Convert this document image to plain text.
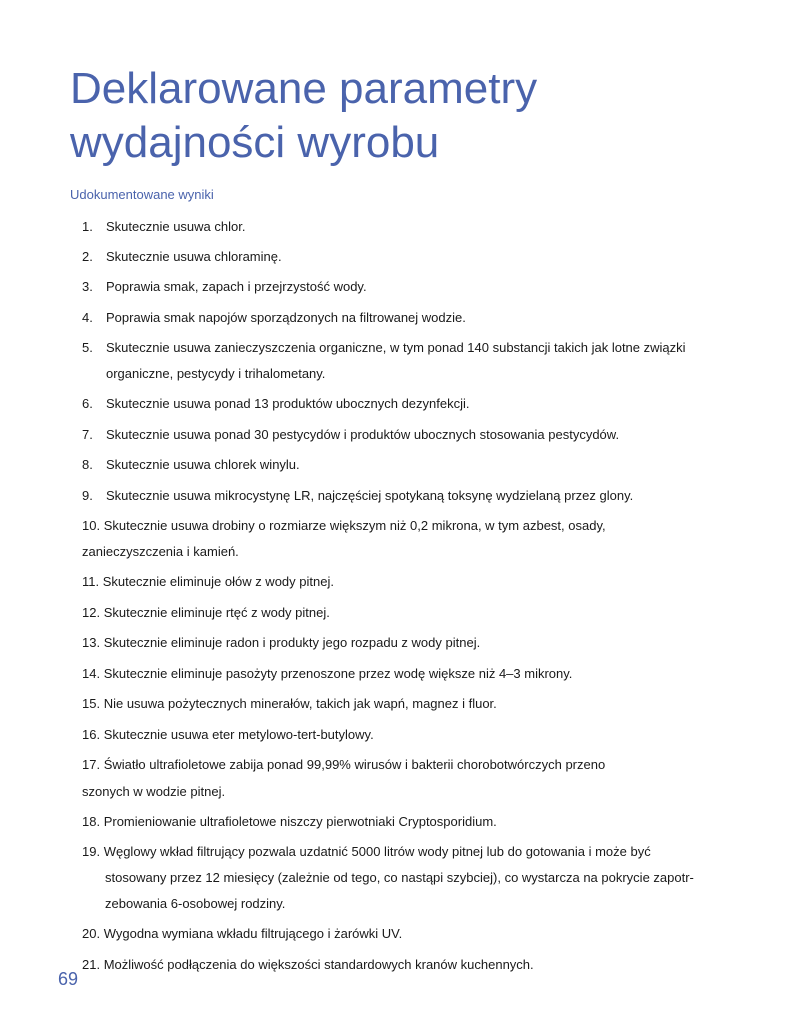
Deklarowane parametry
wydajności wyrobu
Udokumentowane wyniki
1. Skutecznie usuwa chlor.
2. Skutecznie usuwa chloraminę.
3. Poprawia smak, zapach i przejrzystość wody.
4. Poprawia smak napojów sporządzonych na filtrowanej wodzie.
5. Skutecznie usuwa zanieczyszczenia organiczne, w tym ponad 140 substancji takich jak lotne związki
organiczne, pestycydy i trihalometany.
6. Skutecznie usuwa ponad 13 produktów ubocznych dezynfekcji.
7. Skutecznie usuwa ponad 30 pestycydów i produktów ubocznych stosowania pestycydów.
8. Skutecznie usuwa chlorek winylu.
9. Skutecznie usuwa mikrocystynę LR, najczęściej spotykaną toksynę wydzielaną przez glony.
10. Skutecznie usuwa drobiny o rozmiarze większym niż 0,2 mikrona, w tym azbest, osady,
zanieczyszczenia i kamień.
11. Skutecznie eliminuje ołów z wody pitnej.
12. Skutecznie eliminuje rtęć z wody pitnej.
13. Skutecznie eliminuje radon i produkty jego rozpadu z wody pitnej.
14. Skutecznie eliminuje pasożyty przenoszone przez wodę większe niż 4–3 mikrony.
15. Nie usuwa pożytecznych minerałów, takich jak wapń, magnez i fluor.
16. Skutecznie usuwa eter metylowo-tert-butylowy.
17. Światło ultrafioletowe zabija ponad 99,99% wirusów i bakterii chorobotwórczych przeno
szonych w wodzie pitnej.
18. Promieniowanie ultrafioletowe niszczy pierwotniaki Cryptosporidium.
19. Węglowy wkład filtrujący pozwala uzdatnić 5000 litrów wody pitnej lub do gotowania i może być
stosowany przez 12 miesięcy (zależnie od tego, co nastąpi szybciej), co wystarcza na pokrycie zapotr-
zebowania 6-osobowej rodziny.
20. Wygodna wymiana wkładu filtrującego i żarówki UV.
21. Możliwość podłączenia do większości standardowych kranów kuchennych.
69
